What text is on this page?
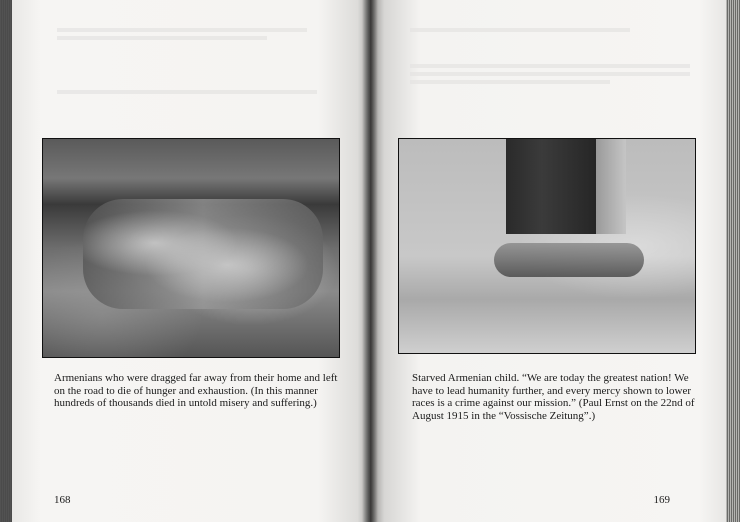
Armenians who were dragged far away from their home and left on the road to die of hunger and exhaustion. (In this manner hundreds of thousands died in untold misery and suffering.)

168

Starved Armenian child. “We are today the greatest nation! We have to lead humanity further, and every mercy shown to lower races is a crime against our mission.” (Paul Ernst on the 22nd of August 1915 in the “Vossische Zeitung”.)

169
